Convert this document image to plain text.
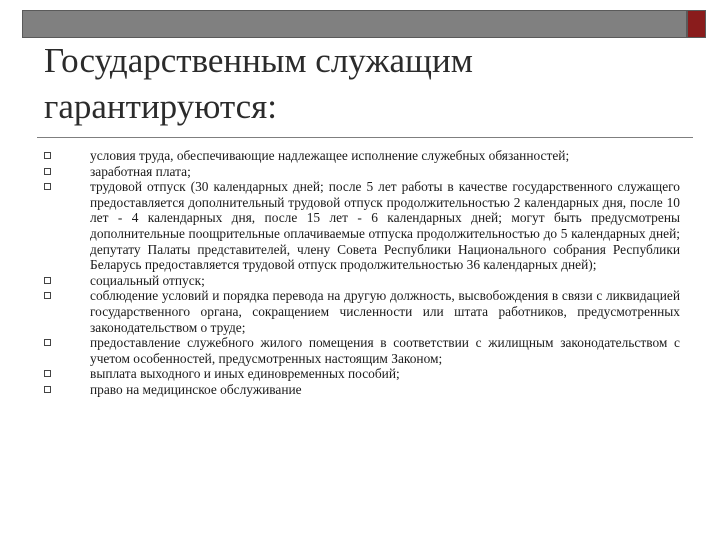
Государственным служащим гарантируются:
условия труда, обеспечивающие надлежащее исполнение служебных обязанностей;
заработная плата;
трудовой отпуск (30 календарных дней; после 5 лет работы в качестве государственного служащего предоставляется дополнительный трудовой отпуск продолжительностью 2 календарных дня, после 10 лет - 4 календарных дня, после 15 лет - 6 календарных дней; могут быть предусмотрены дополнительные поощрительные оплачиваемые отпуска продолжительностью до 5 календарных дней; депутату Палаты представителей, члену Совета Республики Национального собрания Республики Беларусь предоставляется трудовой отпуск продолжительностью 36 календарных дней);
социальный отпуск;
соблюдение условий и порядка перевода на другую должность, высвобождения в связи с ликвидацией государственного органа, сокращением численности или штата работников, предусмотренных законодательством о труде;
предоставление служебного жилого помещения в соответствии с жилищным законодательством с учетом особенностей, предусмотренных настоящим Законом;
выплата выходного и иных единовременных пособий;
право на медицинское обслуживание
